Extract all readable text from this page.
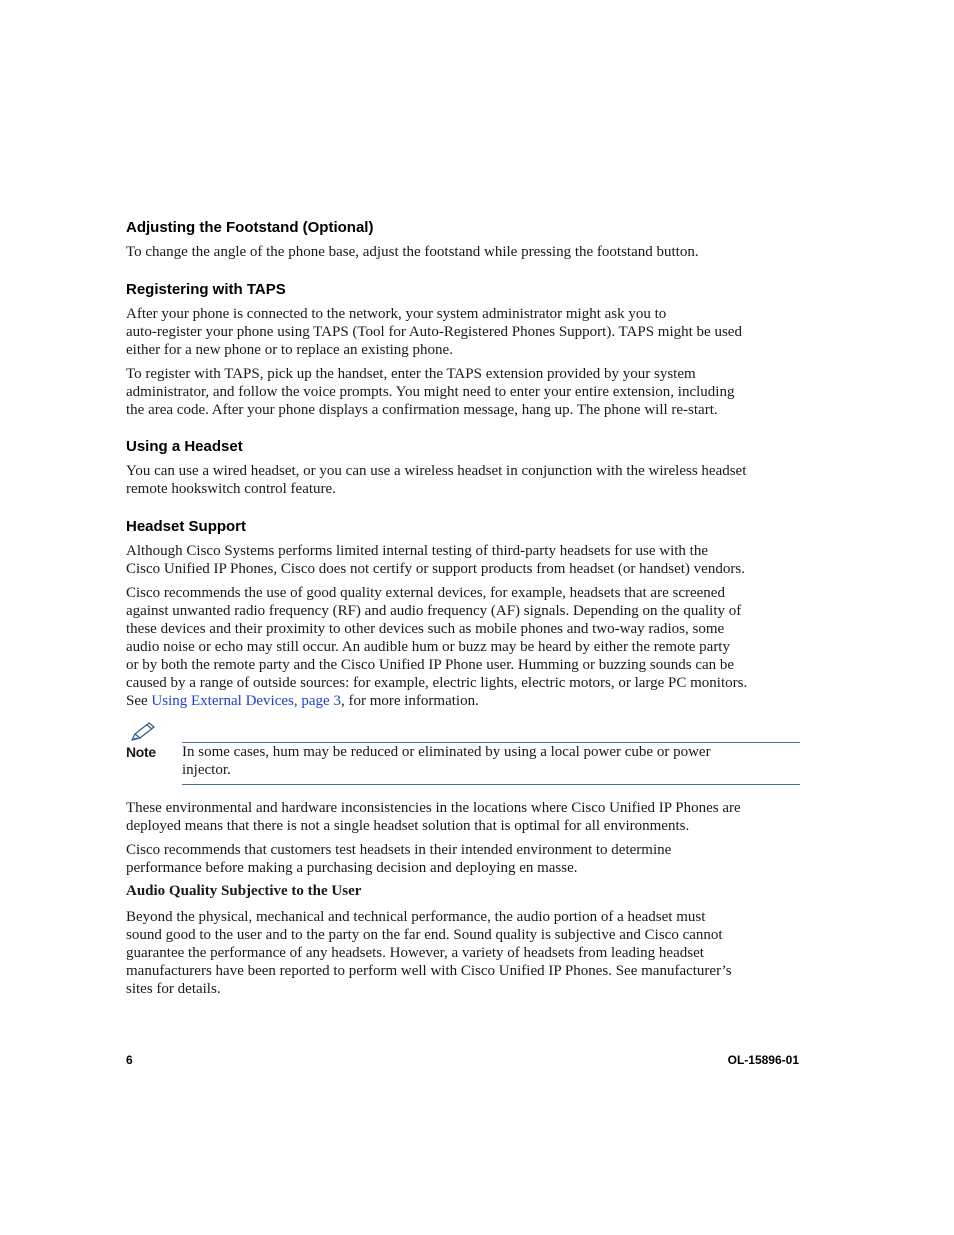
Adjusting the Footstand (Optional)
To change the angle of the phone base, adjust the footstand while pressing the footstand button.
Registering with TAPS
After your phone is connected to the network, your system administrator might ask you to
auto-register your phone using TAPS (Tool for Auto-Registered Phones Support). TAPS might be used
either for a new phone or to replace an existing phone.
To register with TAPS, pick up the handset, enter the TAPS extension provided by your system
administrator, and follow the voice prompts. You might need to enter your entire extension, including
the area code. After your phone displays a confirmation message, hang up. The phone will re-start.
Using a Headset
You can use a wired headset, or you can use a wireless headset in conjunction with the wireless headset
remote hookswitch control feature.
Headset Support
Although Cisco Systems performs limited internal testing of third-party headsets for use with the
Cisco Unified IP Phones, Cisco does not certify or support products from headset (or handset) vendors.
Cisco recommends the use of good quality external devices, for example, headsets that are screened
against unwanted radio frequency (RF) and audio frequency (AF) signals. Depending on the quality of
these devices and their proximity to other devices such as mobile phones and two-way radios, some
audio noise or echo may still occur. An audible hum or buzz may be heard by either the remote party
or by both the remote party and the Cisco Unified IP Phone user. Humming or buzzing sounds can be
caused by a range of outside sources: for example, electric lights, electric motors, or large PC monitors.
See Using External Devices, page 3, for more information.
Note In some cases, hum may be reduced or eliminated by using a local power cube or power
injector.
These environmental and hardware inconsistencies in the locations where Cisco Unified IP Phones are
deployed means that there is not a single headset solution that is optimal for all environments.
Cisco recommends that customers test headsets in their intended environment to determine
performance before making a purchasing decision and deploying en masse.
Audio Quality Subjective to the User
Beyond the physical, mechanical and technical performance, the audio portion of a headset must
sound good to the user and to the party on the far end. Sound quality is subjective and Cisco cannot
guarantee the performance of any headsets. However, a variety of headsets from leading headset
manufacturers have been reported to perform well with Cisco Unified IP Phones. See manufacturer’s
sites for details.
6	OL-15896-01
